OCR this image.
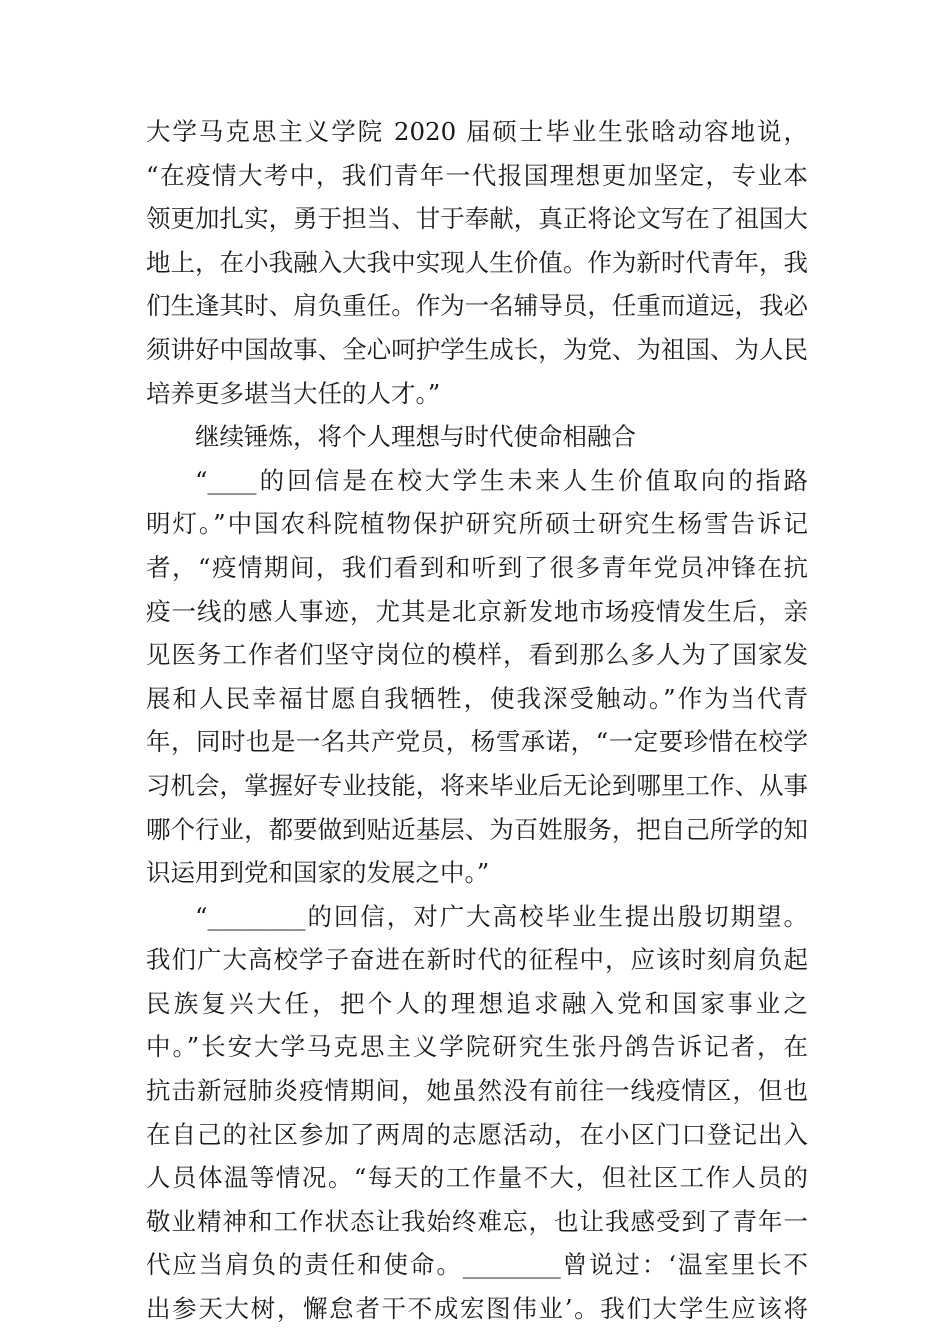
大学马克思主义学院 2020 届硕士毕业生张晗动容地说，
“在疫情大考中，我们青年一代报国理想更加坚定，专业本
领更加扎实，勇于担当、甘于奉献，真正将论文写在了祖国大
地上，在小我融入大我中实现人生价值。作为新时代青年，我
们生逢其时、肩负重任。作为一名辅导员，任重而道远，我必
须讲好中国故事、全心呵护学生成长，为党、为祖国、为人民
培养更多堪当大任的人才。”
继续锤炼，将个人理想与时代使命相融合
“____的回信是在校大学生未来人生价值取向的指路
明灯。”中国农科院植物保护研究所硕士研究生杨雪告诉记
者，“疫情期间，我们看到和听到了很多青年党员冲锋在抗
疫一线的感人事迹，尤其是北京新发地市场疫情发生后，亲
见医务工作者们坚守岗位的模样，看到那么多人为了国家发
展和人民幸福甘愿自我牺牲，使我深受触动。”作为当代青
年，同时也是一名共产党员，杨雪承诺，“一定要珍惜在校学
习机会，掌握好专业技能，将来毕业后无论到哪里工作、从事
哪个行业，都要做到贴近基层、为百姓服务，把自己所学的知
识运用到党和国家的发展之中。”
“________的回信，对广大高校毕业生提出殷切期望。
我们广大高校学子奋进在新时代的征程中，应该时刻肩负起
民族复兴大任，把个人的理想追求融入党和国家事业之
中。”长安大学马克思主义学院研究生张丹鸽告诉记者，在
抗击新冠肺炎疫情期间，她虽然没有前往一线疫情区，但也
在自己的社区参加了两周的志愿活动，在小区门口登记出入
人员体温等情况。“每天的工作量不大，但社区工作人员的
敬业精神和工作状态让我始终难忘，也让我感受到了青年一
代应当肩负的责任和使命。________曾说过：‘温室里长不
出参天大树，懈怠者干不成宏图伟业’。我们大学生应该将
